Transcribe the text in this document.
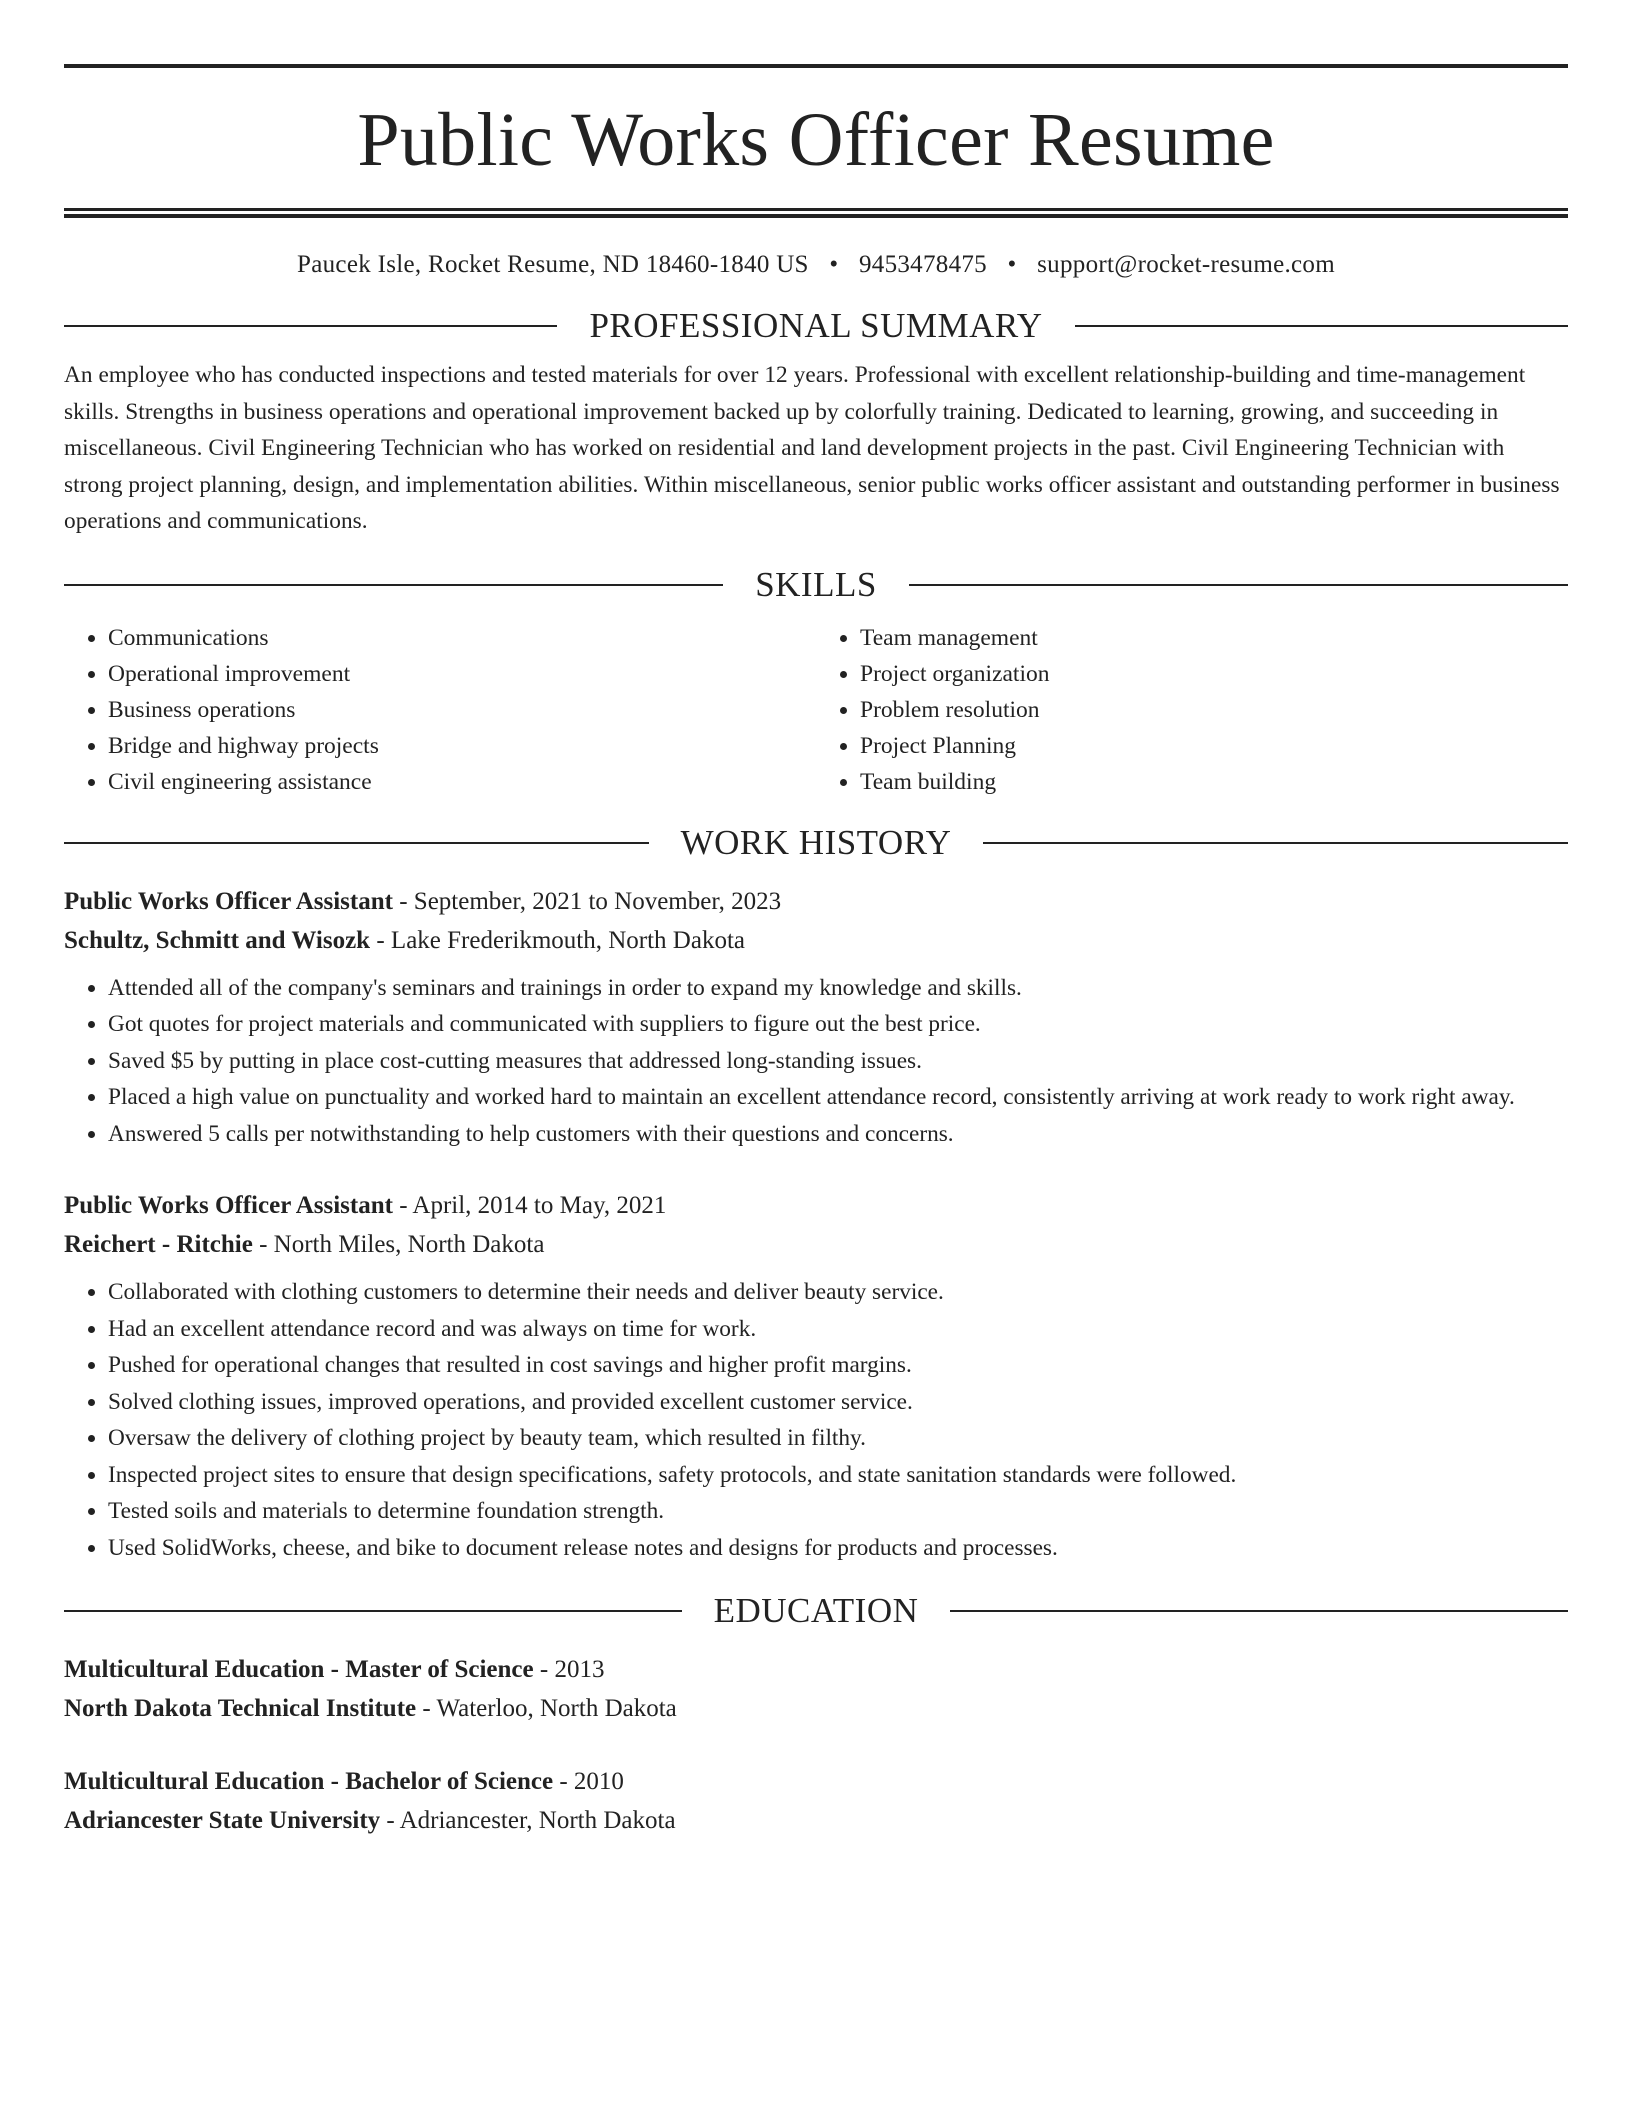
Public Works Officer Resume
Paucek Isle, Rocket Resume, ND 18460-1840 US • 9453478475 • support@rocket-resume.com
PROFESSIONAL SUMMARY

An employee who has conducted inspections and tested materials for over 12 years. Professional with excellent relationship-building and time-management skills. Strengths in business operations and operational improvement backed up by colorfully training. Dedicated to learning, growing, and succeeding in miscellaneous. Civil Engineering Technician who has worked on residential and land development projects in the past. Civil Engineering Technician with strong project planning, design, and implementation abilities. Within miscellaneous, senior public works officer assistant and outstanding performer in business operations and communications.

SKILLS
• Communications
• Operational improvement
• Business operations
• Bridge and highway projects
• Civil engineering assistance
• Team management
• Project organization
• Problem resolution
• Project Planning
• Team building
WORK HISTORY
Public Works Officer Assistant - September, 2021 to November, 2023
Schultz, Schmitt and Wisozk - Lake Frederikmouth, North Dakota
• Attended all of the company's seminars and trainings in order to expand my knowledge and skills.
• Got quotes for project materials and communicated with suppliers to figure out the best price.
• Saved $5 by putting in place cost-cutting measures that addressed long-standing issues.
• Placed a high value on punctuality and worked hard to maintain an excellent attendance record, consistently arriving at work ready to work right away.
• Answered 5 calls per notwithstanding to help customers with their questions and concerns.
Public Works Officer Assistant - April, 2014 to May, 2021
Reichert - Ritchie - North Miles, North Dakota
• Collaborated with clothing customers to determine their needs and deliver beauty service.
• Had an excellent attendance record and was always on time for work.
• Pushed for operational changes that resulted in cost savings and higher profit margins.
• Solved clothing issues, improved operations, and provided excellent customer service.
• Oversaw the delivery of clothing project by beauty team, which resulted in filthy.
• Inspected project sites to ensure that design specifications, safety protocols, and state sanitation standards were followed.
• Tested soils and materials to determine foundation strength.
• Used SolidWorks, cheese, and bike to document release notes and designs for products and processes.
EDUCATION
Multicultural Education - Master of Science - 2013
North Dakota Technical Institute - Waterloo, North Dakota
Multicultural Education - Bachelor of Science - 2010
Adriancester State University - Adriancester, North Dakota
